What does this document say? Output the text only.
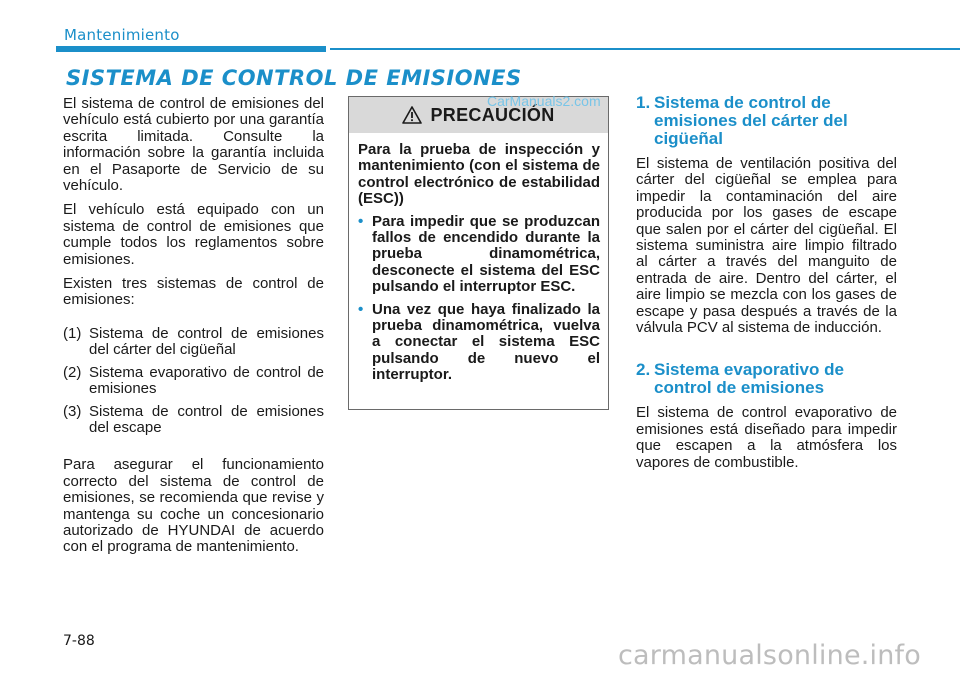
Mantenimiento
SISTEMA DE CONTROL DE EMISIONES

El sistema de control de emisiones del vehículo está cubierto por una garantía escrita limitada. Consulte la información sobre la garantía incluida en el Pasaporte de Servicio de su vehículo.

El vehículo está equipado con un sistema de control de emisiones que cumple todos los reglamentos sobre emisiones.

Existen tres sistemas de control de emisiones:

(1) Sistema de control de emisiones del cárter del cigüeñal
(2) Sistema evaporativo de control de emisiones
(3) Sistema de control de emisiones del escape

Para asegurar el funcionamiento correcto del sistema de control de emisiones, se recomienda que revise y mantenga su coche un concesionario autorizado de HYUNDAI de acuerdo con el programa de mantenimiento.

PRECAUCIÓN

Para la prueba de inspección y mantenimiento (con el sistema de control electrónico de estabilidad (ESC))

• Para impedir que se produzcan fallos de encendido durante la prueba dinamométrica, desconecte el sistema del ESC pulsando el interruptor ESC.
• Una vez que haya finalizado la prueba dinamométrica, vuelva a conectar el sistema ESC pulsando de nuevo el interruptor.
1. Sistema de control de emisiones del cárter del cigüeñal

El sistema de ventilación positiva del cárter del cigüeñal se emplea para impedir la contaminación del aire producida por los gases de escape que salen por el cárter del cigüeñal. El sistema suministra aire limpio filtrado al cárter a través del manguito de entrada de aire. Dentro del cárter, el aire limpio se mezcla con los gases de escape y pasa después a través de la válvula PCV al sistema de inducción.

2. Sistema evaporativo de control de emisiones

El sistema de control evaporativo de emisiones está diseñado para impedir que escapen a la atmósfera los vapores de combustible.

CarManuals2.com
7-88	carmanualsonline.info
